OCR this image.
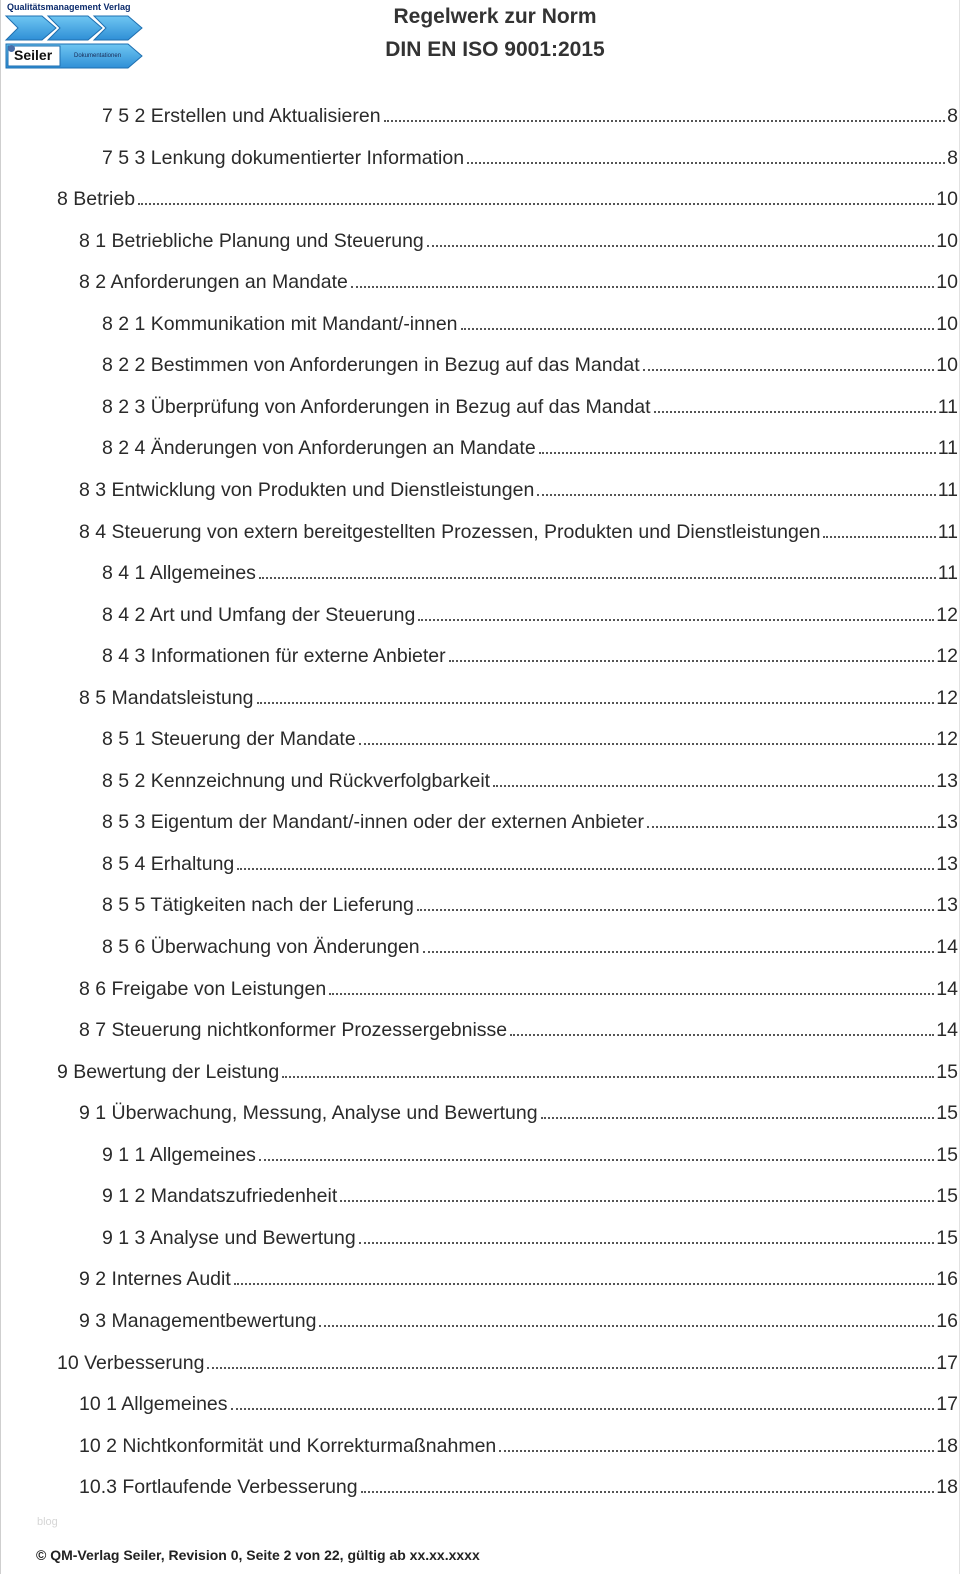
Qualitätsmanagement Verlag
Seiler	Dokumentationen
Regelwerk zur Norm
DIN EN ISO 9001:2015
7 5 2 Erstellen und Aktualisieren	8
7 5 3 Lenkung dokumentierter Information	8
8 Betrieb	10
8 1 Betriebliche Planung und Steuerung	10
8 2 Anforderungen an Mandate	10
8 2 1 Kommunikation mit Mandant/-innen	10
8 2 2 Bestimmen von Anforderungen in Bezug auf das Mandat	10
8 2 3 Überprüfung von Anforderungen in Bezug auf das Mandat	11
8 2 4 Änderungen von Anforderungen an Mandate	11
8 3 Entwicklung von Produkten und Dienstleistungen	11
8 4 Steuerung von extern bereitgestellten Prozessen, Produkten und Dienstleistungen	11
8 4 1 Allgemeines	11
8 4 2 Art und Umfang der Steuerung	12
8 4 3 Informationen für externe Anbieter	12
8 5 Mandatsleistung	12
8 5 1 Steuerung der Mandate	12
8 5 2 Kennzeichnung und Rückverfolgbarkeit	13
8 5 3 Eigentum der Mandant/-innen oder der externen Anbieter	13
8 5 4 Erhaltung	13
8 5 5 Tätigkeiten nach der Lieferung	13
8 5 6 Überwachung von Änderungen	14
8 6 Freigabe von Leistungen	14
8 7 Steuerung nichtkonformer Prozessergebnisse	14
9 Bewertung der Leistung	15
9 1 Überwachung, Messung, Analyse und Bewertung	15
9 1 1 Allgemeines	15
9 1 2 Mandatszufriedenheit	15
9 1 3 Analyse und Bewertung	15
9 2 Internes Audit	16
9 3 Managementbewertung	16
10 Verbesserung	17
10 1 Allgemeines	17
10 2 Nichtkonformität und Korrekturmaßnahmen	18
10.3 Fortlaufende Verbesserung	18
blog
© QM-Verlag Seiler, Revision 0, Seite 2 von 22, gültig ab xx.xx.xxxx
